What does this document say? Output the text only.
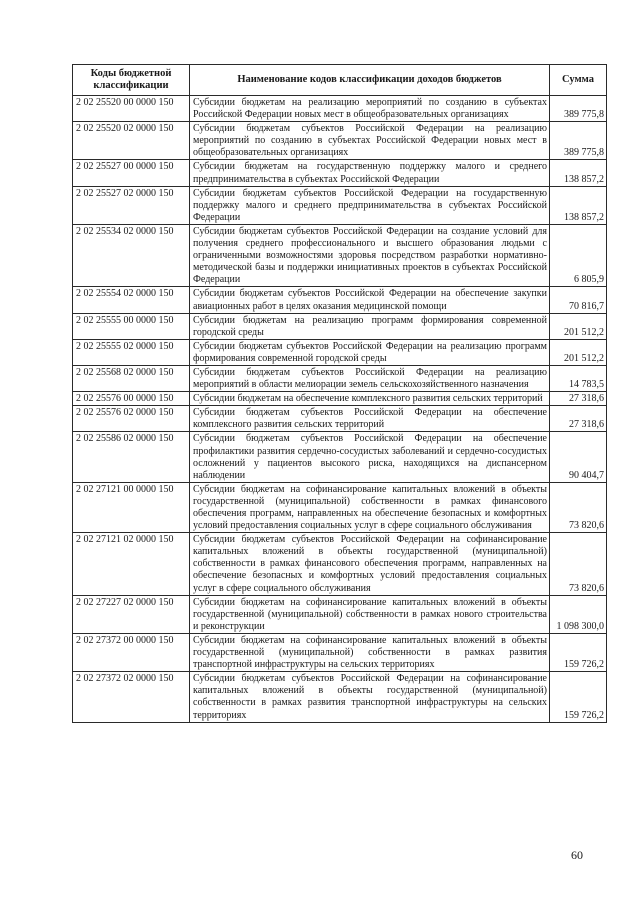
Коды бюджетной классификации	Наименование кодов классификации доходов бюджетов	Сумма
2 02 25520 00 0000 150	Субсидии бюджетам на реализацию мероприятий по созданию в субъектах Российской Федерации новых мест в общеобразовательных организациях	389 775,8
2 02 25520 02 0000 150	Субсидии бюджетам субъектов Российской Федерации на реализацию мероприятий по созданию в субъектах Российской Федерации новых мест в общеобразовательных организациях	389 775,8
2 02 25527 00 0000 150	Субсидии бюджетам на государственную поддержку малого и среднего предпринимательства в субъектах Российской Федерации	138 857,2
2 02 25527 02 0000 150	Субсидии бюджетам субъектов Российской Федерации на государственную поддержку малого и среднего предпринимательства в субъектах Российской Федерации	138 857,2
2 02 25534 02 0000 150	Субсидии бюджетам субъектов Российской Федерации на создание условий для получения среднего профессионального и высшего образования людьми с ограниченными возможностями здоровья посредством разработки нормативно-методической базы и поддержки инициативных проектов в субъектах Российской Федерации	6 805,9
2 02 25554 02 0000 150	Субсидии бюджетам субъектов Российской Федерации на обеспечение закупки авиационных работ в целях оказания медицинской помощи	70 816,7
2 02 25555 00 0000 150	Субсидии бюджетам на реализацию программ формирования современной городской среды	201 512,2
2 02 25555 02 0000 150	Субсидии бюджетам субъектов Российской Федерации на реализацию программ формирования современной городской среды	201 512,2
2 02 25568 02 0000 150	Субсидии бюджетам субъектов Российской Федерации на реализацию мероприятий в области мелиорации земель сельскохозяйственного назначения	14 783,5
2 02 25576 00 0000 150	Субсидии бюджетам на обеспечение комплексного развития сельских территорий	27 318,6
2 02 25576 02 0000 150	Субсидии бюджетам субъектов Российской Федерации на обеспечение комплексного развития сельских территорий	27 318,6
2 02 25586 02 0000 150	Субсидии бюджетам субъектов Российской Федерации на обеспечение профилактики развития сердечно-сосудистых заболеваний и сердечно-сосудистых осложнений у пациентов высокого риска, находящихся на диспансерном наблюдении	90 404,7
2 02 27121 00 0000 150	Субсидии бюджетам на софинансирование капитальных вложений в объекты государственной (муниципальной) собственности в рамках финансового обеспечения программ, направленных на обеспечение безопасных и комфортных условий предоставления социальных услуг в сфере социального обслуживания	73 820,6
2 02 27121 02 0000 150	Субсидии бюджетам субъектов Российской Федерации на софинансирование капитальных вложений в объекты государственной (муниципальной) собственности в рамках финансового обеспечения программ, направленных на обеспечение безопасных и комфортных условий предоставления социальных услуг в сфере социального обслуживания	73 820,6
2 02 27227 02 0000 150	Субсидии бюджетам на софинансирование капитальных вложений в объекты государственной (муниципальной) собственности в рамках нового строительства и реконструкции	1 098 300,0
2 02 27372 00 0000 150	Субсидии бюджетам на софинансирование капитальных вложений в объекты государственной (муниципальной) собственности в рамках развития транспортной инфраструктуры на сельских территориях	159 726,2
2 02 27372 02 0000 150	Субсидии бюджетам субъектов Российской Федерации на софинансирование капитальных вложений в объекты государственной (муниципальной) собственности в рамках развития транспортной инфраструктуры на сельских территориях	159 726,2
60
